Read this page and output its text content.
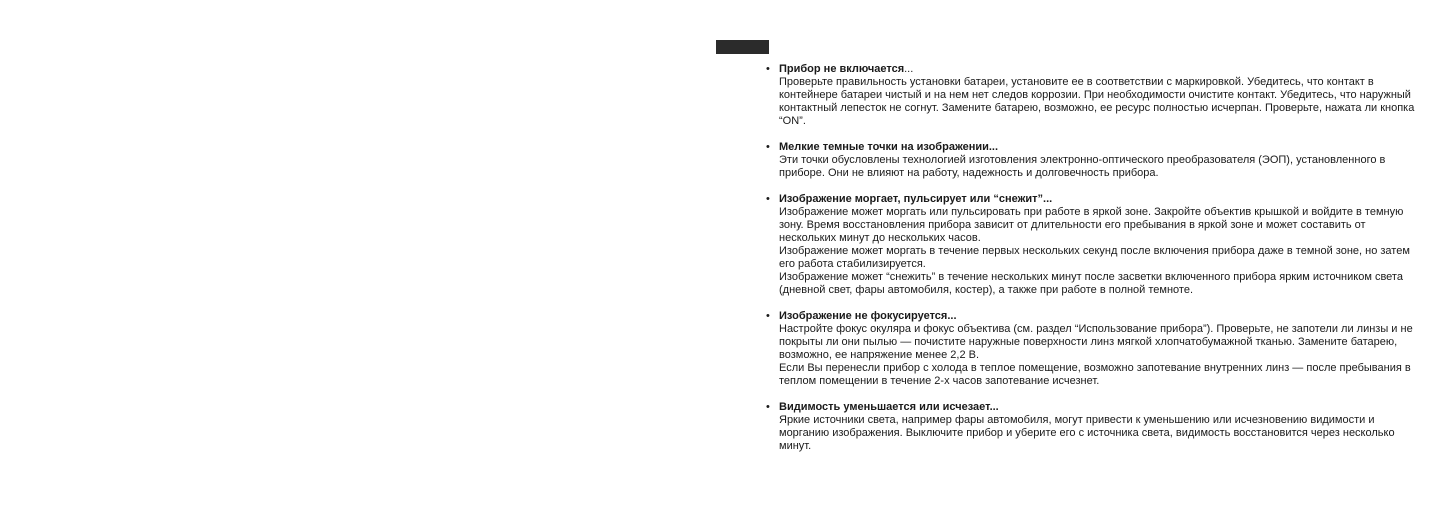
• Прибор не включается...

Проверьте правильность установки батареи, установите ее в соответствии с маркировкой. Убедитесь, что контакт в контейнере батареи чистый и на нем нет следов коррозии. При необходимости очистите контакт. Убедитесь, что наружный контактный лепесток не согнут. Замените батарею, возможно, ее ресурс полностью исчерпан. Проверьте, нажата ли кнопка “ON”.

• Мелкие темные точки на изображении...

Эти точки обусловлены технологией изготовления электронно-оптического преобразователя (ЭОП), установленного в приборе. Они не влияют на работу, надежность и долговечность прибора.

• Изображение моргает, пульсирует или “снежит”...

Изображение может моргать или пульсировать при работе в яркой зоне. Закройте объектив крышкой и войдите в темную зону. Время восстановления прибора зависит от длительности его пребывания в яркой зоне и может составить от нескольких минут до нескольких часов.

Изображение может моргать в течение первых нескольких секунд после включения прибора даже в темной зоне, но затем его работа стабилизируется.

Изображение может “снежить” в течение нескольких минут после засветки включенного прибора ярким источником света (дневной свет, фары автомобиля, костер), а также при работе в полной темноте.

• Изображение не фокусируется...

Настройте фокус окуляра и фокус объектива (см. раздел “Использование прибора”). Проверьте, не запотели ли линзы и не покрыты ли они пылью — почистите наружные поверхности линз мягкой хлопчатобумажной тканью. Замените батарею, возможно, ее напряжение менее 2,2 В.

Если Вы перенесли прибор с холода в теплое помещение, возможно запотевание внутренних линз — после пребывания в теплом помещении в течение 2-х часов запотевание исчезнет.

• Видимость уменьшается или исчезает...

Яркие источники света, например фары автомобиля, могут привести к уменьшению или исчезновению видимости и морганию изображения. Выключите прибор и уберите его с источника света, видимость восстановится через несколько минут.
